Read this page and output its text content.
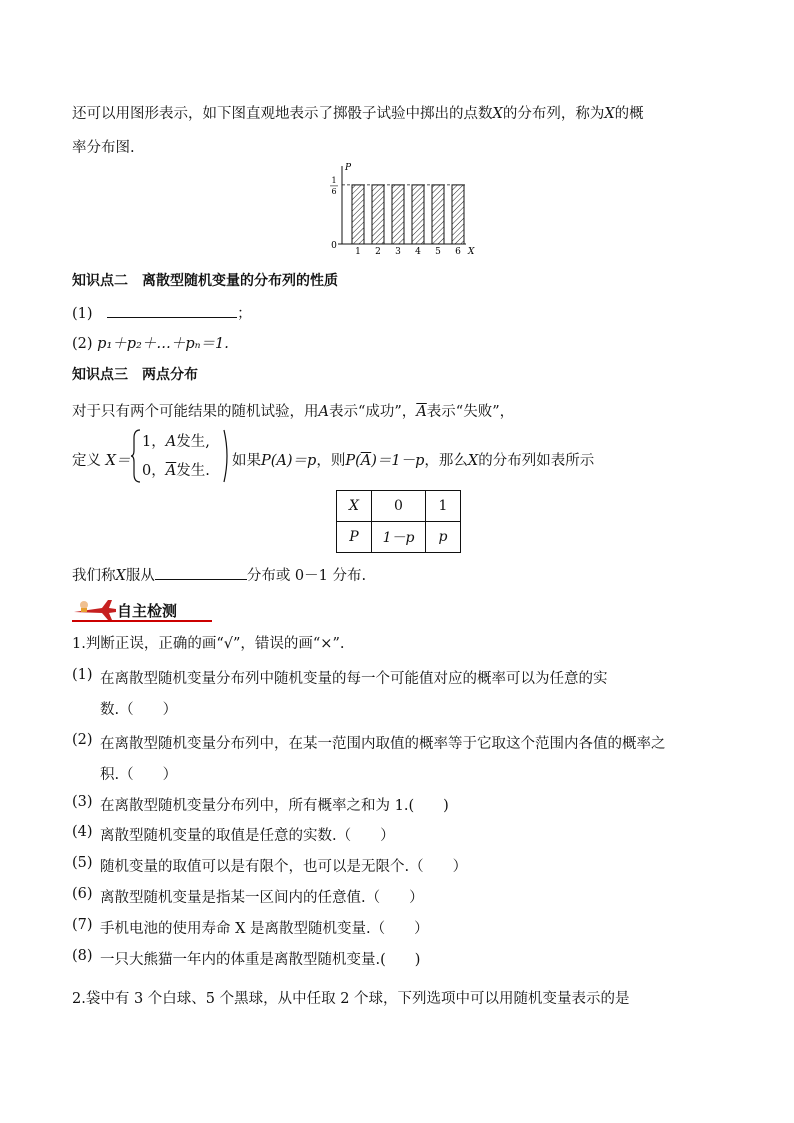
还可以用图形表示，如下图直观地表示了掷骰子试验中掷出的点数X的分布列，称为X的概
率分布图.
1 2 3 4 5 6 X
P
0
1
6
知识点二　离散型随机变量的分布列的性质
(1)	；
(2) p₁＋p₂＋…＋pₙ＝1.
知识点三　两点分布
对于只有两个可能结果的随机试验，用A表示“成功”，$\overline{A}$表示“失败”，
定义 X＝
1，A发生,
0，$\overline{A}$发生.
如果P(A)＝p，则$P(\overline{A})=1-p$，那么X的分布列如表所示
X	0	1
P	1－p	p
我们称X服从	分布或 0－1 分布.
自主检测
1.判断正误，正确的画“√”，错误的画“×”.
(1) 在离散型随机变量分布列中随机变量的每一个可能值对应的概率可以为任意的实
数.（　　）
(2) 在离散型随机变量分布列中，在某一范围内取值的概率等于它取这个范围内各值的概率之
积.（　　）
(3) 在离散型随机变量分布列中，所有概率之和为 1.(　　)
(4) 离散型随机变量的取值是任意的实数.（　　）
(5) 随机变量的取值可以是有限个，也可以是无限个.（　　）
(6) 离散型随机变量是指某一区间内的任意值.（　　）
(7) 手机电池的使用寿命 X 是离散型随机变量.（　　）
(8) 一只大熊猫一年内的体重是离散型随机变量.(　　)
2.袋中有 3 个白球、5 个黑球，从中任取 2 个球，下列选项中可以用随机变量表示的是
